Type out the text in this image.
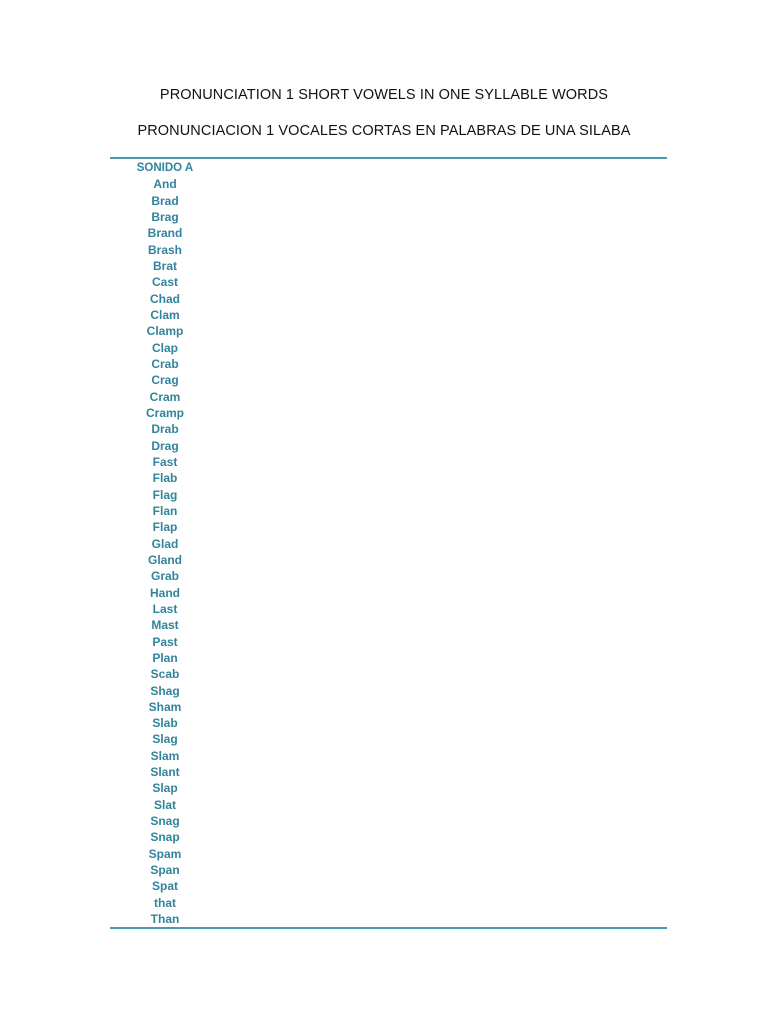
PRONUNCIATION 1 SHORT VOWELS IN ONE SYLLABLE WORDS
PRONUNCIACION 1 VOCALES CORTAS EN PALABRAS DE UNA SILABA
SONIDO A
And
Brad
Brag
Brand
Brash
Brat
Cast
Chad
Clam
Clamp
Clap
Crab
Crag
Cram
Cramp
Drab
Drag
Fast
Flab
Flag
Flan
Flap
Glad
Gland
Grab
Hand
Last
Mast
Past
Plan
Scab
Shag
Sham
Slab
Slag
Slam
Slant
Slap
Slat
Snag
Snap
Spam
Span
Spat
that
Than
